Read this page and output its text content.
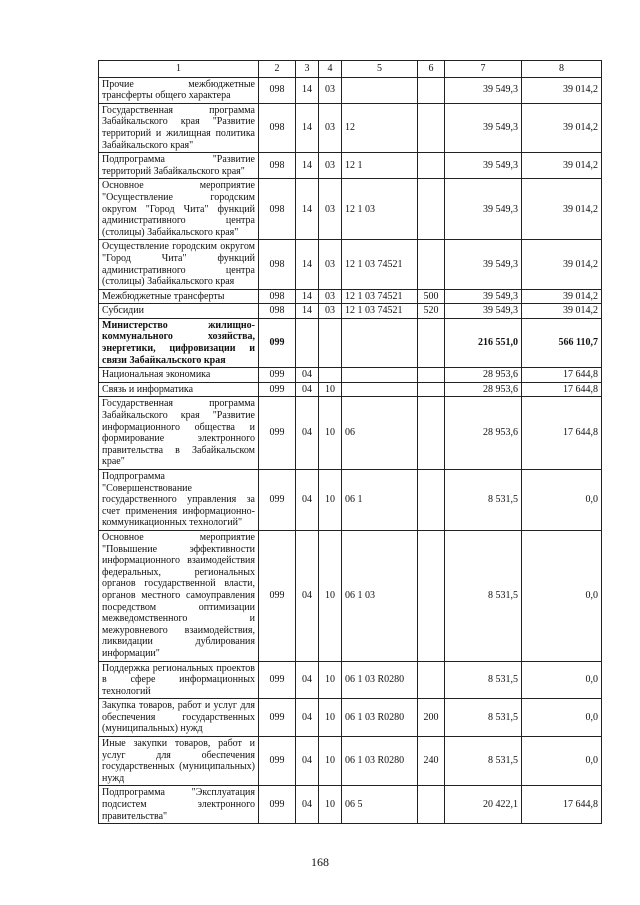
1	2	3	4	5	6	7	8
Прочие межбюджетные трансферты общего характера	098	14	03			39 549,3	39 014,2
Государственная программа Забайкальского края "Развитие территорий и жилищная политика Забайкальского края"	098	14	03	12		39 549,3	39 014,2
Подпрограмма "Развитие территорий Забайкальского края"	098	14	03	12 1		39 549,3	39 014,2
Основное мероприятие "Осуществление городским округом "Город Чита" функций административного центра (столицы) Забайкальского края"	098	14	03	12 1 03		39 549,3	39 014,2
Осуществление городским округом "Город Чита" функций административного центра (столицы) Забайкальского края	098	14	03	12 1 03 74521		39 549,3	39 014,2
Межбюджетные трансферты	098	14	03	12 1 03 74521	500	39 549,3	39 014,2
Субсидии	098	14	03	12 1 03 74521	520	39 549,3	39 014,2
Министерство жилищно-коммунального хозяйства, энергетики, цифровизации и связи Забайкальского края	099					216 551,0	566 110,7
Национальная экономика	099	04				28 953,6	17 644,8
Связь и информатика	099	04	10			28 953,6	17 644,8
Государственная программа Забайкальского края "Развитие информационного общества и формирование электронного правительства в Забайкальском крае"	099	04	10	06		28 953,6	17 644,8
Подпрограмма "Совершенствование государственного управления за счет применения информационно-коммуникационных технологий"	099	04	10	06 1		8 531,5	0,0
Основное мероприятие "Повышение эффективности информационного взаимодействия федеральных, региональных органов государственной власти, органов местного самоуправления посредством оптимизации межведомственного и межуровневого взаимодействия, ликвидации дублирования информации"	099	04	10	06 1 03		8 531,5	0,0
Поддержка региональных проектов в сфере информационных технологий	099	04	10	06 1 03 R0280		8 531,5	0,0
Закупка товаров, работ и услуг для обеспечения государственных (муниципальных) нужд	099	04	10	06 1 03 R0280	200	8 531,5	0,0
Иные закупки товаров, работ и услуг для обеспечения государственных (муниципальных) нужд	099	04	10	06 1 03 R0280	240	8 531,5	0,0
Подпрограмма "Эксплуатация подсистем электронного правительства"	099	04	10	06 5		20 422,1	17 644,8
168
